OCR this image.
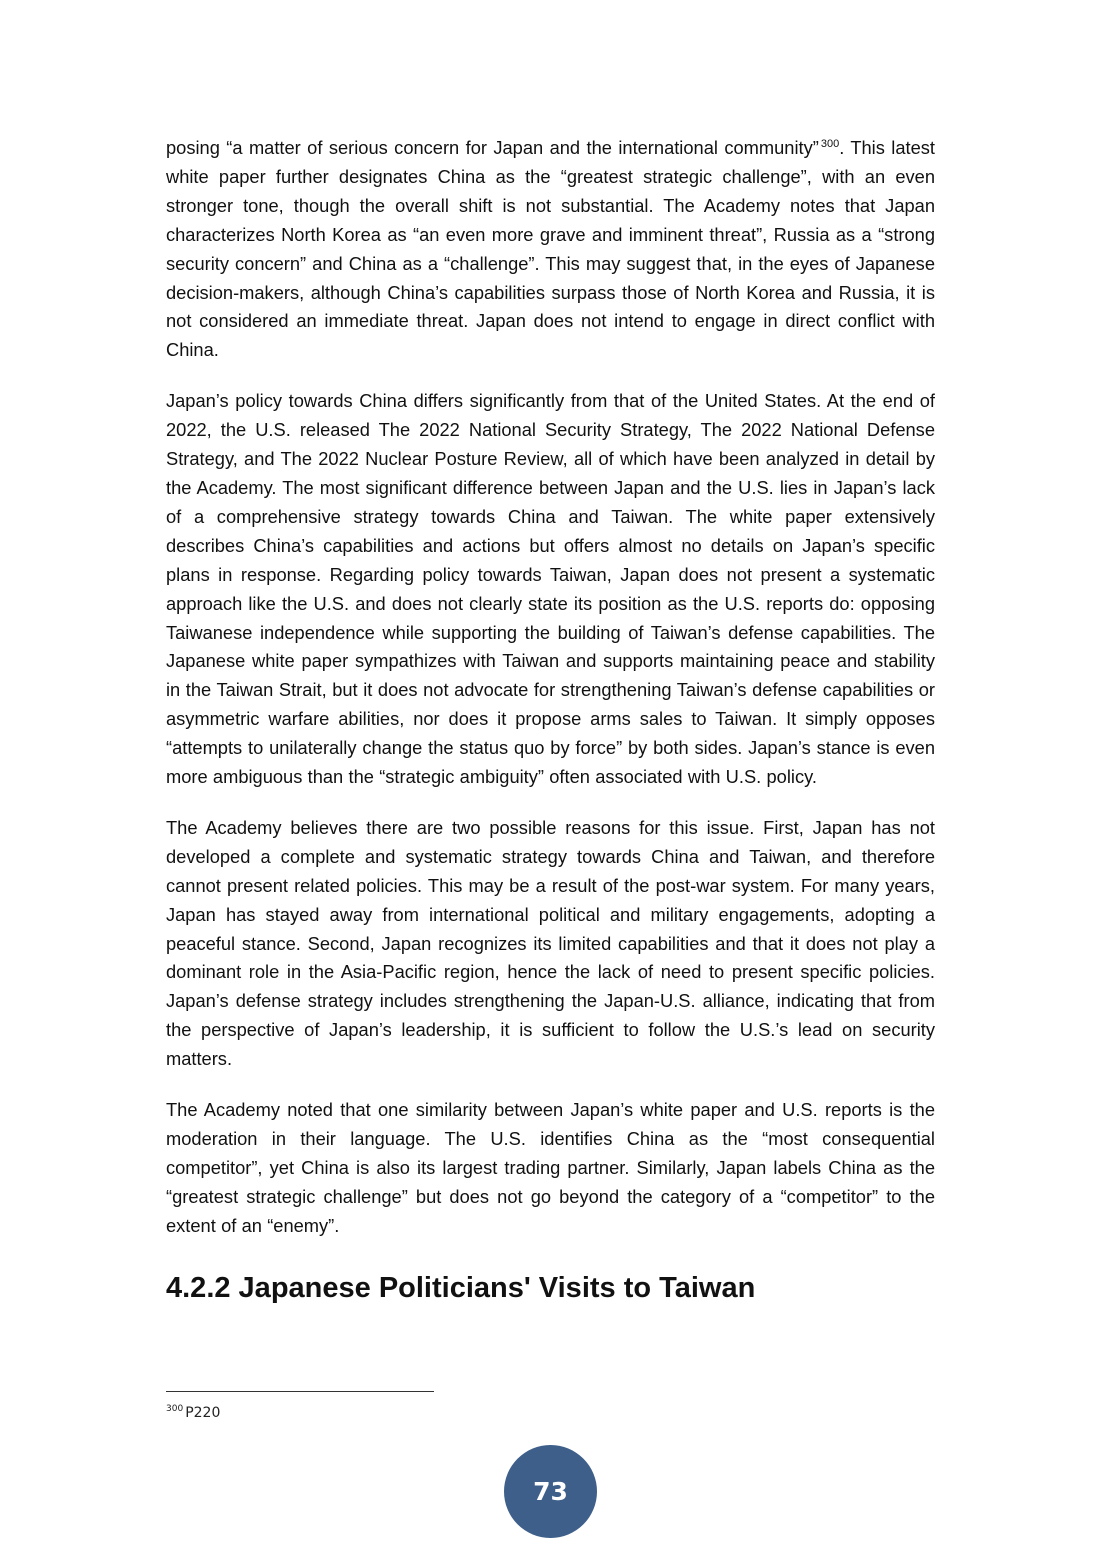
posing “a matter of serious concern for Japan and the international community” $^{300}$. This latest white paper further designates China as the “greatest strategic challenge”, with an even stronger tone, though the overall shift is not substantial. The Academy notes that Japan characterizes North Korea as “an even more grave and imminent threat”, Russia as a “strong security concern” and China as a “challenge”. This may suggest that, in the eyes of Japanese decision-makers, although China’s capabilities surpass those of North Korea and Russia, it is not considered an immediate threat. Japan does not intend to engage in direct conflict with China.

Japan’s policy towards China differs significantly from that of the United States. At the end of 2022, the U.S. released The 2022 National Security Strategy, The 2022 National Defense Strategy, and The 2022 Nuclear Posture Review, all of which have been analyzed in detail by the Academy. The most significant difference between Japan and the U.S. lies in Japan’s lack of a comprehensive strategy towards China and Taiwan. The white paper extensively describes China’s capabilities and actions but offers almost no details on Japan’s specific plans in response. Regarding policy towards Taiwan, Japan does not present a systematic approach like the U.S. and does not clearly state its position as the U.S. reports do: opposing Taiwanese independence while supporting the building of Taiwan’s defense capabilities. The Japanese white paper sympathizes with Taiwan and supports maintaining peace and stability in the Taiwan Strait, but it does not advocate for strengthening Taiwan’s defense capabilities or asymmetric warfare abilities, nor does it propose arms sales to Taiwan. It simply opposes “attempts to unilaterally change the status quo by force” by both sides. Japan’s stance is even more ambiguous than the “strategic ambiguity” often associated with U.S. policy.

The Academy believes there are two possible reasons for this issue. First, Japan has not developed a complete and systematic strategy towards China and Taiwan, and therefore cannot present related policies. This may be a result of the post-war system. For many years, Japan has stayed away from international political and military engagements, adopting a peaceful stance. Second, Japan recognizes its limited capabilities and that it does not play a dominant role in the Asia-Pacific region, hence the lack of need to present specific policies. Japan’s defense strategy includes strengthening the Japan-U.S. alliance, indicating that from the perspective of Japan’s leadership, it is sufficient to follow the U.S.’s lead on security matters.

The Academy noted that one similarity between Japan’s white paper and U.S. reports is the moderation in their language. The U.S. identifies China as the “most consequential competitor”, yet China is also its largest trading partner. Similarly, Japan labels China as the “greatest strategic challenge” but does not go beyond the category of a “competitor” to the extent of an “enemy”.

4.2.2 Japanese Politicians' Visits to Taiwan
$^{300}$ P220
73
